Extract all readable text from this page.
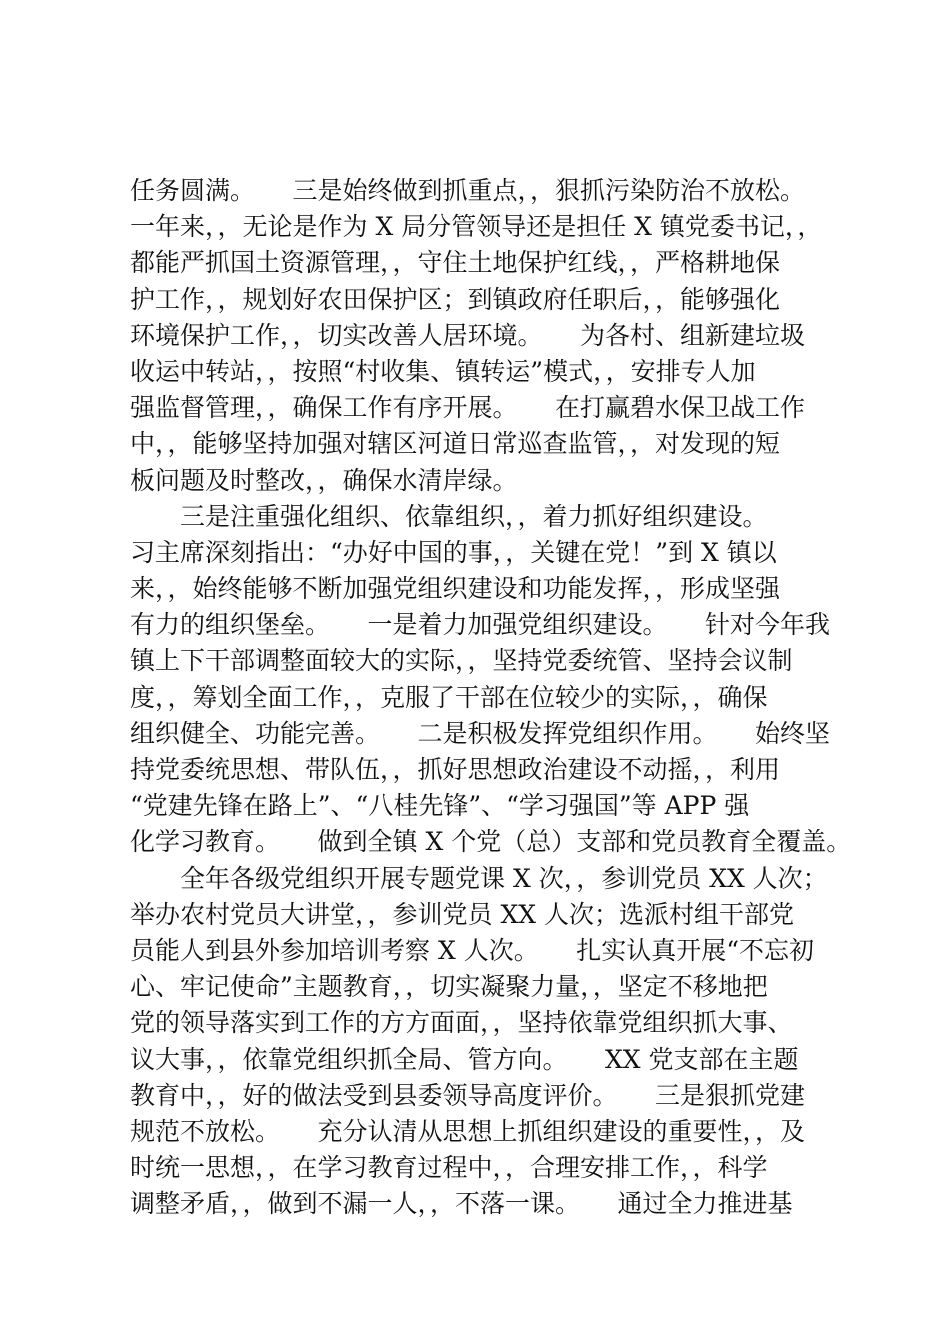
任务圆满。　　三是始终做到抓重点，，狠抓污染防治不放松。
一年来，，无论是作为 X 局分管领导还是担任 X 镇党委书记，，
都能严抓国土资源管理，，守住土地保护红线，，严格耕地保
护工作，，规划好农田保护区；到镇政府任职后，，能够强化
环境保护工作，，切实改善人居环境。　　为各村、组新建垃圾
收运中转站，，按照“村收集、镇转运”模式，，安排专人加
强监督管理，，确保工作有序开展。　　在打赢碧水保卫战工作
中，，能够坚持加强对辖区河道日常巡查监管，，对发现的短
板问题及时整改，，确保水清岸绿。
　　三是注重强化组织、依靠组织，，着力抓好组织建设。
习主席深刻指出：“办好中国的事，，关键在党！”到 X 镇以
来，，始终能够不断加强党组织建设和功能发挥，，形成坚强
有力的组织堡垒。　　一是着力加强党组织建设。　　针对今年我
镇上下干部调整面较大的实际，，坚持党委统管、坚持会议制
度，，筹划全面工作，，克服了干部在位较少的实际，，确保
组织健全、功能完善。　　二是积极发挥党组织作用。　　始终坚
持党委统思想、带队伍，，抓好思想政治建设不动摇，，利用
“党建先锋在路上”、“八桂先锋”、“学习强国”等 APP 强
化学习教育。　　做到全镇 X 个党（总）支部和党员教育全覆盖。
　　全年各级党组织开展专题党课 X 次，，参训党员 XX 人次；
举办农村党员大讲堂，，参训党员 XX 人次；选派村组干部党
员能人到县外参加培训考察 X 人次。　　扎实认真开展“不忘初
心、牢记使命”主题教育，，切实凝聚力量，，坚定不移地把
党的领导落实到工作的方方面面，，坚持依靠党组织抓大事、
议大事，，依靠党组织抓全局、管方向。　　XX 党支部在主题
教育中，，好的做法受到县委领导高度评价。　　三是狠抓党建
规范不放松。　　充分认清从思想上抓组织建设的重要性，，及
时统一思想，，在学习教育过程中，，合理安排工作，，科学
调整矛盾，，做到不漏一人，，不落一课。　　通过全力推进基
